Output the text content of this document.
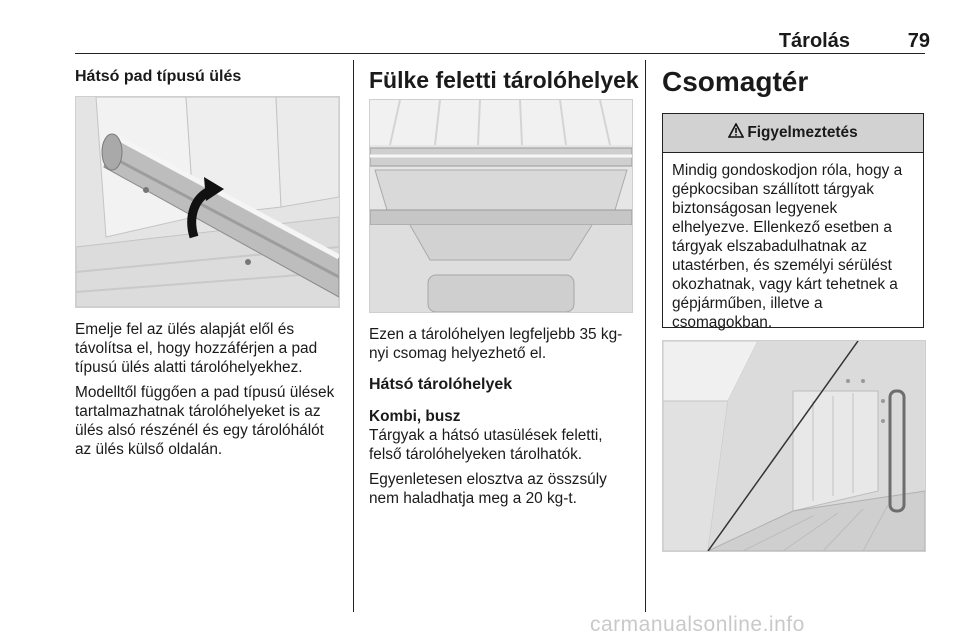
Tárolás	79
Hátsó pad típusú ülés

Emelje fel az ülés alapját elől és távolítsa el, hogy hozzáférjen a pad típusú ülés alatti tárolóhelyekhez.

Modelltől függően a pad típusú ülések tartalmazhatnak tárolóhelyeket is az ülés alsó részénél és egy tárolóhálót az ülés külső oldalán.

Fülke feletti tárolóhelyek

Ezen a tárolóhelyen legfeljebb 35 kg-nyi csomag helyezhető el.

Hátsó tárolóhelyek

Kombi, busz

Tárgyak a hátsó utasülések feletti, felső tárolóhelyeken tárolhatók.

Egyenletesen elosztva az összsúly nem haladhatja meg a 20 kg-t.

Csomagtér
Figyelmeztetés
Mindig gondoskodjon róla, hogy a gépkocsiban szállított tárgyak biztonságosan legyenek elhelyezve. Ellenkező esetben a tárgyak elszabadulhatnak az utastérben, és személyi sérülést okozhatnak, vagy kárt tehetnek a gépjárműben, illetve a csomagokban.
carmanualsonline.info
